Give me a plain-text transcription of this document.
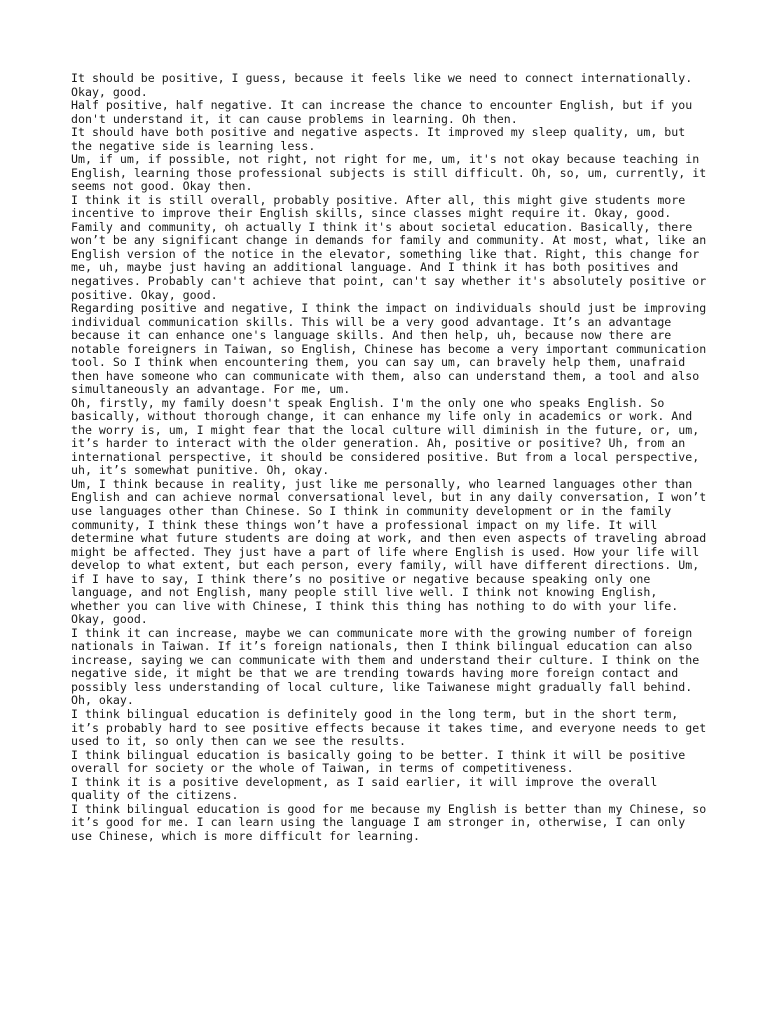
It should be positive, I guess, because it feels like we need to connect internationally. Okay, good.

Half positive, half negative. It can increase the chance to encounter English, but if you don't understand it, it can cause problems in learning. Oh then.

It should have both positive and negative aspects. It improved my sleep quality, um, but the negative side is learning less.

Um, if um, if possible, not right, not right for me, um, it's not okay because teaching in English, learning those professional subjects is still difficult. Oh, so, um, currently, it seems not good. Okay then.

I think it is still overall, probably positive. After all, this might give students more incentive to improve their English skills, since classes might require it. Okay, good.

Family and community, oh actually I think it's about societal education. Basically, there won’t be any significant change in demands for family and community. At most, what, like an English version of the notice in the elevator, something like that. Right, this change for me, uh, maybe just having an additional language. And I think it has both positives and negatives. Probably can't achieve that point, can't say whether it's absolutely positive or positive. Okay, good.

Regarding positive and negative, I think the impact on individuals should just be improving individual communication skills. This will be a very good advantage. It’s an advantage because it can enhance one's language skills. And then help, uh, because now there are notable foreigners in Taiwan, so English, Chinese has become a very important communication tool. So I think when encountering them, you can say um, can bravely help them, unafraid then have someone who can communicate with them, also can understand them, a tool and also simultaneously an advantage. For me, um.

Oh, firstly, my family doesn't speak English. I'm the only one who speaks English. So basically, without thorough change, it can enhance my life only in academics or work. And the worry is, um, I might fear that the local culture will diminish in the future, or, um, it’s harder to interact with the older generation. Ah, positive or positive? Uh, from an international perspective, it should be considered positive. But from a local perspective, uh, it’s somewhat punitive. Oh, okay.

Um, I think because in reality, just like me personally, who learned languages other than English and can achieve normal conversational level, but in any daily conversation, I won’t use languages other than Chinese. So I think in community development or in the family community, I think these things won’t have a professional impact on my life. It will determine what future students are doing at work, and then even aspects of traveling abroad might be affected. They just have a part of life where English is used. How your life will develop to what extent, but each person, every family, will have different directions. Um, if I have to say, I think there’s no positive or negative because speaking only one language, and not English, many people still live well. I think not knowing English, whether you can live with Chinese, I think this thing has nothing to do with your life. Okay, good.

I think it can increase, maybe we can communicate more with the growing number of foreign nationals in Taiwan. If it’s foreign nationals, then I think bilingual education can also increase, saying we can communicate with them and understand their culture. I think on the negative side, it might be that we are trending towards having more foreign contact and possibly less understanding of local culture, like Taiwanese might gradually fall behind. Oh, okay.

I think bilingual education is definitely good in the long term, but in the short term, it’s probably hard to see positive effects because it takes time, and everyone needs to get used to it, so only then can we see the results.

I think bilingual education is basically going to be better. I think it will be positive overall for society or the whole of Taiwan, in terms of competitiveness.

I think it is a positive development, as I said earlier, it will improve the overall quality of the citizens.

I think bilingual education is good for me because my English is better than my Chinese, so it’s good for me. I can learn using the language I am stronger in, otherwise, I can only use Chinese, which is more difficult for learning.
